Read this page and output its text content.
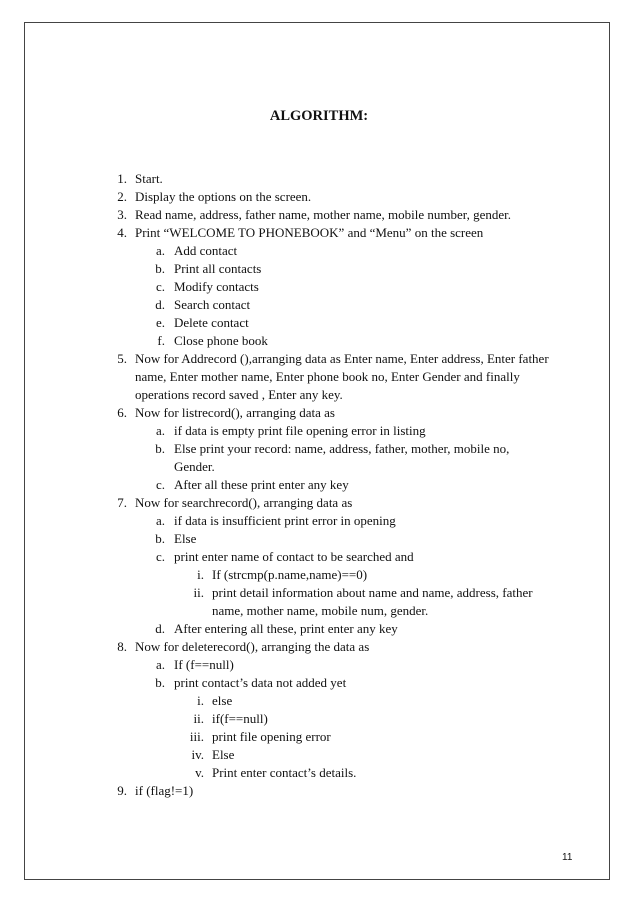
ALGORITHM:
1. Start.
2. Display the options on the screen.
3. Read name, address, father name, mother name, mobile number, gender.
4. Print “WELCOME TO PHONEBOOK” and “Menu” on the screen
a. Add contact
b. Print all contacts
c. Modify contacts
d. Search contact
e. Delete contact
f. Close phone book
5. Now for Addrecord (),arranging data as Enter name, Enter address, Enter father
name, Enter mother name, Enter phone book no, Enter Gender and finally
operations record saved , Enter any key.
6. Now for listrecord(), arranging data as
a. if data is empty print file opening error in listing
b. Else print your record: name, address, father, mother, mobile no,
Gender.
c. After all these print enter any key
7. Now for searchrecord(), arranging data as
a. if data is insufficient print error in opening
b. Else
c. print enter name of contact to be searched and
i. If (strcmp(p.name,name)==0)
ii. print detail information about name and name, address, father
name, mother name, mobile num, gender.
d. After entering all these, print enter any key
8. Now for deleterecord(), arranging the data as
a. If (f==null)
b. print contact’s data not added yet
i. else
ii. if(f==null)
iii. print file opening error
iv. Else
v. Print enter contact’s details.
9. if (flag!=1)
11
